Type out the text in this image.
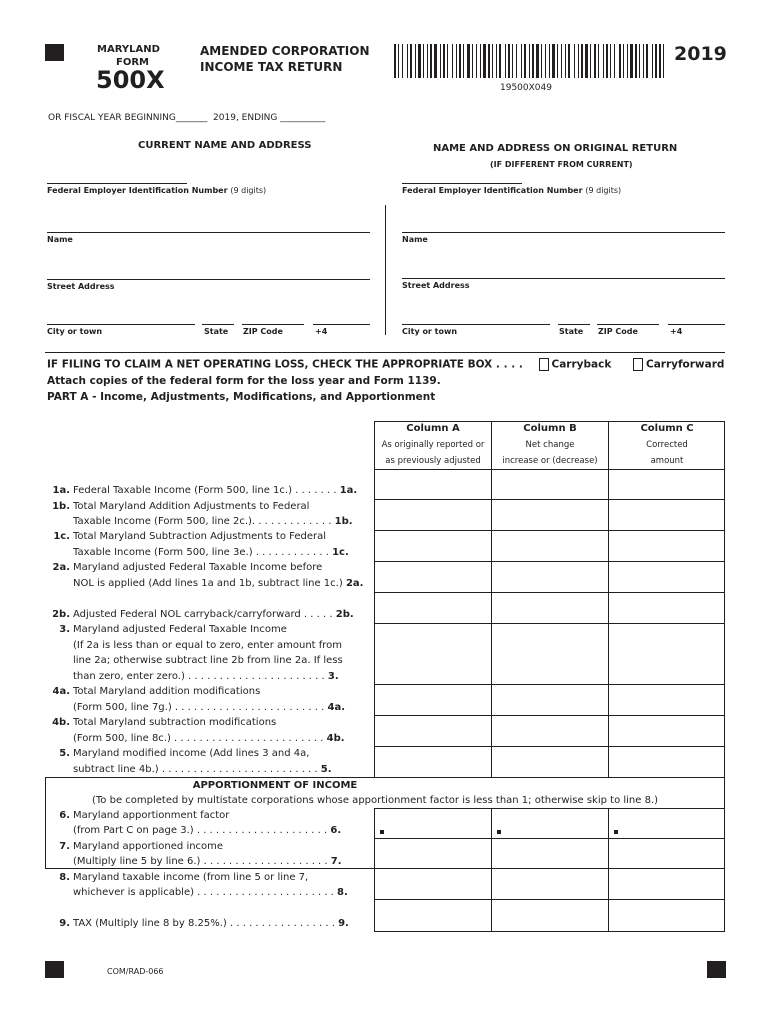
MARYLAND
FORM
500X
AMENDED CORPORATION
INCOME TAX RETURN
19500X049
2019
OR FISCAL YEAR BEGINNING_______  2019, ENDING __________
CURRENT NAME AND ADDRESS
Federal Employer Identification Number (9 digits)
Name
Street Address
City or town	State ZIP Code	+4
NAME AND ADDRESS ON ORIGINAL RETURN
(IF DIFFERENT FROM CURRENT)
Federal Employer Identification Number (9 digits)
Name
Street Address
City or town	State ZIP Code	+4
IF FILING TO CLAIM A NET OPERATING LOSS, CHECK THE APPROPRIATE BOX . . . .	Carryback	Carryforward
Attach copies of the federal form for the loss year and Form 1139.
PART A - Income, Adjustments, Modifications, and Apportionment
Column A
As originally reported or
as previously adjusted
Column B
Net change
increase or (decrease)
Column C
Corrected
amount
APPORTIONMENT OF INCOME
(To be completed by multistate corporations whose apportionment factor is less than 1; otherwise skip to line 8.)
1a. Federal Taxable Income (Form 500, line 1c.) . . . . . . . 1a.
1b. Total Maryland Addition Adjustments to Federal
Taxable Income (Form 500, line 2c.). . . . . . . . . . . . . 1b.
1c. Total Maryland Subtraction Adjustments to Federal
Taxable Income (Form 500, line 3e.) . . . . . . . . . . . . 1c.
2a. Maryland adjusted Federal Taxable Income before
NOL is applied (Add lines 1a and 1b, subtract line 1c.) 2a.
2b. Adjusted Federal NOL carryback/carryforward . . . . . 2b.
3. Maryland adjusted Federal Taxable Income
(If 2a is less than or equal to zero, enter amount from
line 2a; otherwise subtract line 2b from line 2a. If less
than zero, enter zero.) . . . . . . . . . . . . . . . . . . . . . . 3.
4a. Total Maryland addition modifications
(Form 500, line 7g.) . . . . . . . . . . . . . . . . . . . . . . . . 4a.
4b. Total Maryland subtraction modifications
(Form 500, line 8c.) . . . . . . . . . . . . . . . . . . . . . . . . 4b.
5. Maryland modified income (Add lines 3 and 4a,
subtract line 4b.) . . . . . . . . . . . . . . . . . . . . . . . . . 5.
6. Maryland apportionment factor
(from Part C on page 3.) . . . . . . . . . . . . . . . . . . . . . 6.
7. Maryland apportioned income
(Multiply line 5 by line 6.) . . . . . . . . . . . . . . . . . . . . 7.
8. Maryland taxable income (from line 5 or line 7,
whichever is applicable) . . . . . . . . . . . . . . . . . . . . . . 8.
9. TAX (Multiply line 8 by 8.25%.) . . . . . . . . . . . . . . . . . 9.
COM/RAD-066
